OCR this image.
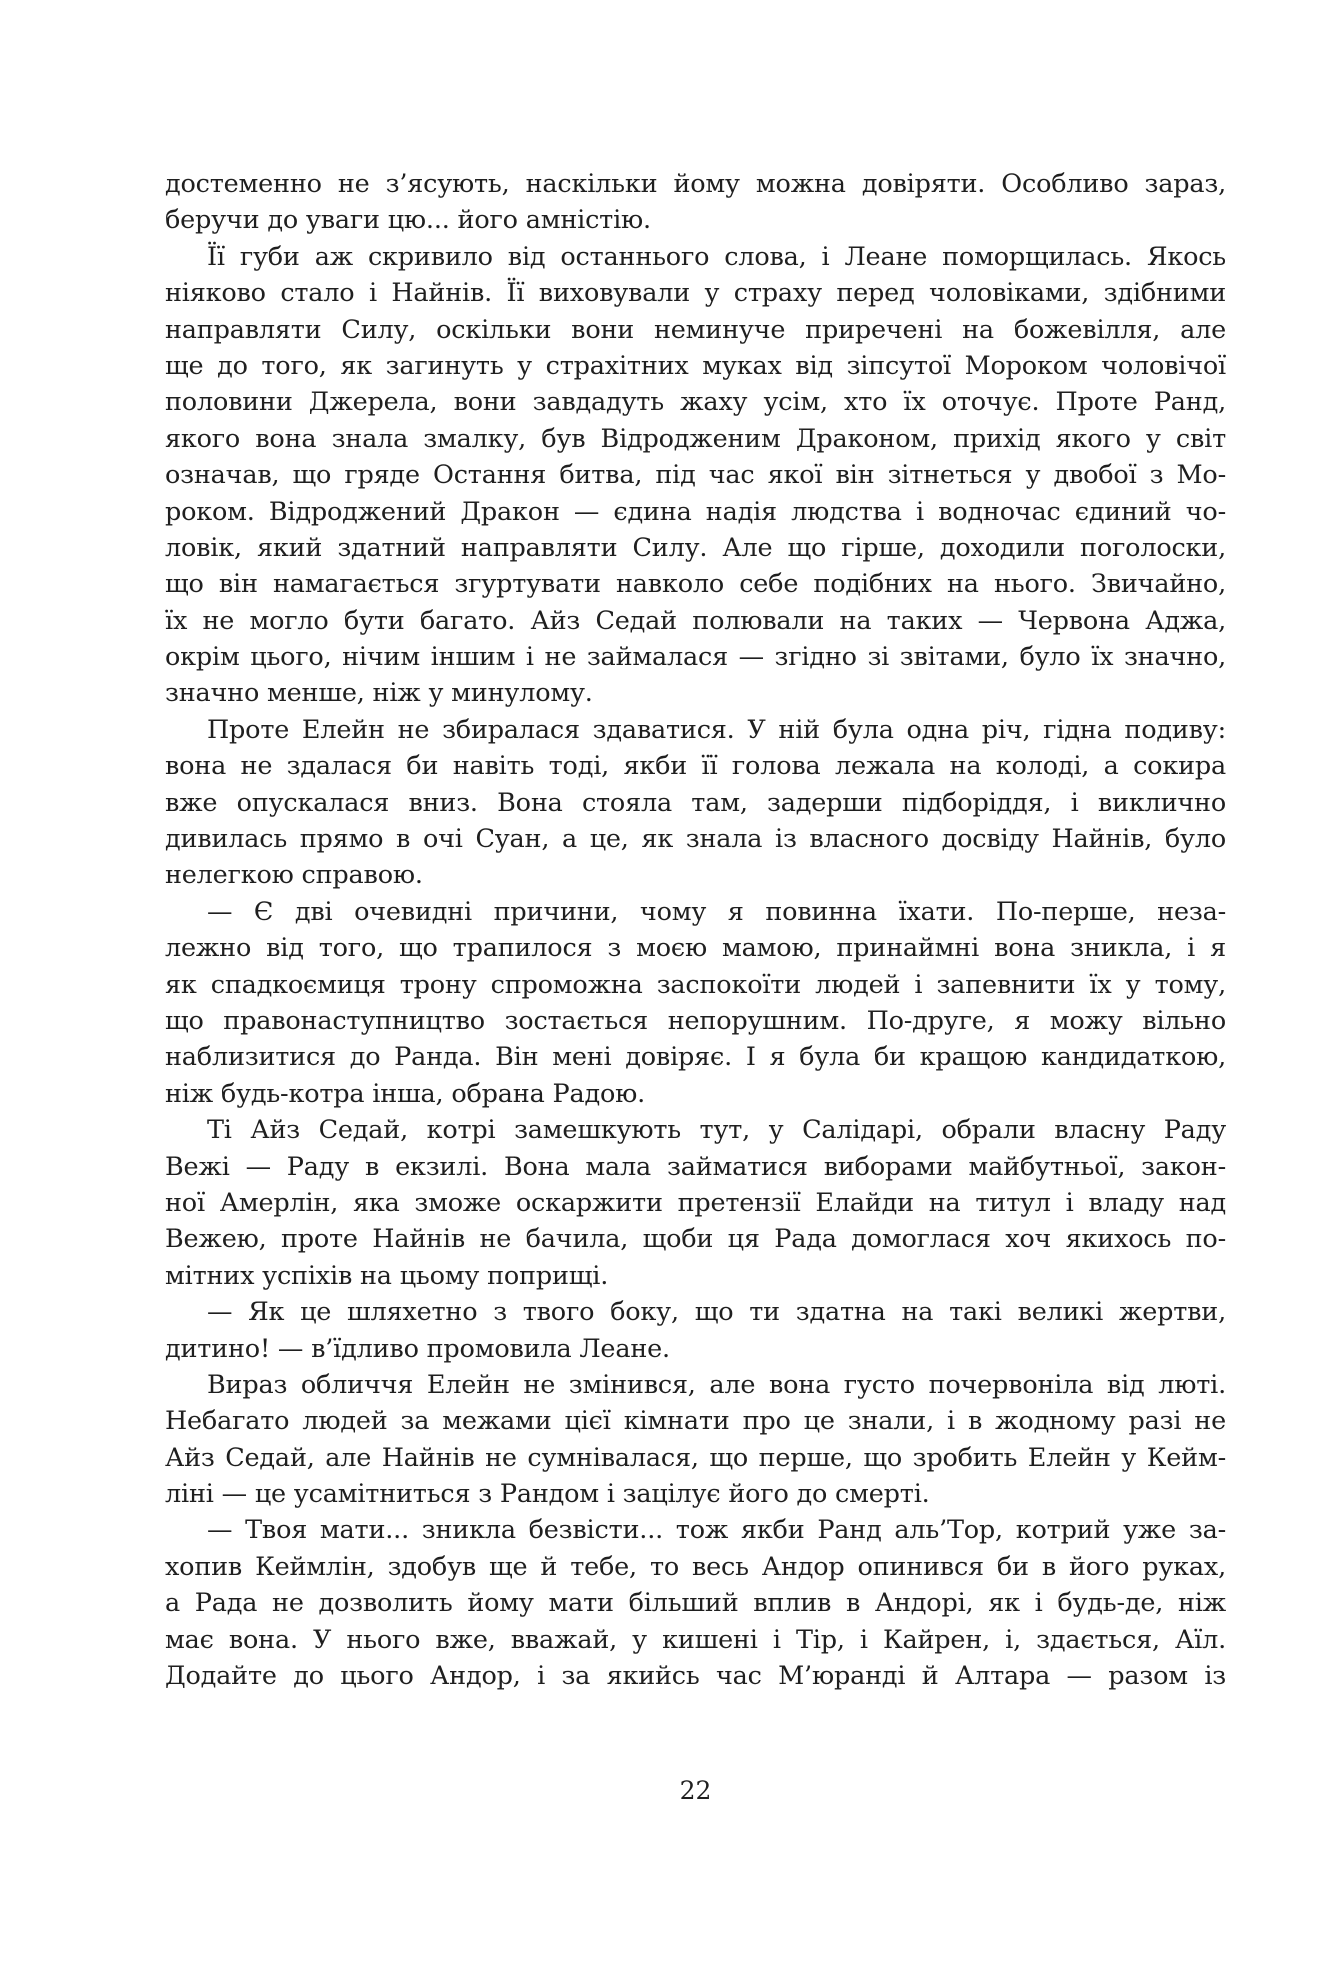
достеменно не з’ясують, наскільки йому можна довіряти. Особливо зараз,
беручи до уваги цю... його амністію.
Її губи аж скривило від останнього слова, і Леане поморщилась. Якось
ніяково стало і Найнів. Її виховували у страху перед чоловіками, здібними
направляти Силу, оскільки вони неминуче приречені на божевілля, але
ще до того, як загинуть у страхітних муках від зіпсутої Мороком чоловічої
половини Джерела, вони завдадуть жаху усім, хто їх оточує. Проте Ранд,
якого вона знала змалку, був Відродженим Драконом, прихід якого у світ
означав, що гряде Остання битва, під час якої він зітнеться у двобої з Мо-
роком. Відроджений Дракон — єдина надія людства і водночас єдиний чо-
ловік, який здатний направляти Силу. Але що гірше, доходили поголоски,
що він намагається згуртувати навколо себе подібних на нього. Звичайно,
їх не могло бути багато. Айз Седай полювали на таких — Червона Аджа,
окрім цього, нічим іншим і не займалася — згідно зі звітами, було їх значно,
значно менше, ніж у минулому.
Проте Елейн не збиралася здаватися. У ній була одна річ, гідна подиву:
вона не здалася би навіть тоді, якби її голова лежала на колоді, а сокира
вже опускалася вниз. Вона стояла там, задерши підборіддя, і викличнo
дивилась прямо в очі Суан, а це, як знала із власного досвіду Найнів, було
нелегкою справою.
— Є дві очевидні причини, чому я повинна їхати. По-перше, неза-
лежно від того, що трапилося з моєю мамою, принаймні вона зникла, і я
як спадкоємиця трону спроможна заспокоїти людей і запевнити їх у тому,
що правонаступництво зостається непорушним. По-друге, я можу вільно
наблизитися до Ранда. Він мені довіряє. І я була би кращою кандидаткою,
ніж будь-котра інша, обрана Радою.
Ті Айз Седай, котрі замешкують тут, у Салідарі, обрали власну Раду
Вежі — Раду в екзилі. Вона мала займатися виборами майбутньої, закон-
ної Амерлін, яка зможе оскаржити претензії Елайди на титул і владу над
Вежею, проте Найнів не бачила, щоби ця Рада домоглася хоч якихось по-
мітних успіхів на цьому поприщі.
— Як це шляхетно з твого боку, що ти здатна на такі великі жертви,
дитино! — в’їдливо промовила Леане.
Вираз обличчя Елейн не змінився, але вона густо почервоніла від люті.
Небагато людей за межами цієї кімнати про це знали, і в жодному разі не
Айз Седай, але Найнів не сумнівалася, що перше, що зробить Елейн у Кейм-
ліні — це усамітниться з Рандом і зацілує його до смерті.
— Твоя мати... зникла безвісти... тож якби Ранд аль’Тор, котрий уже за-
хопив Кеймлін, здобув ще й тебе, то весь Андор опинився би в його руках,
а Рада не дозволить йому мати більший вплив в Андорі, як і будь-де, ніж
має вона. У нього вже, вважай, у кишені і Тір, і Кайрен, і, здається, Аїл.
Додайте до цього Андор, і за якийсь час М’юранді й Алтара — разом із
22
